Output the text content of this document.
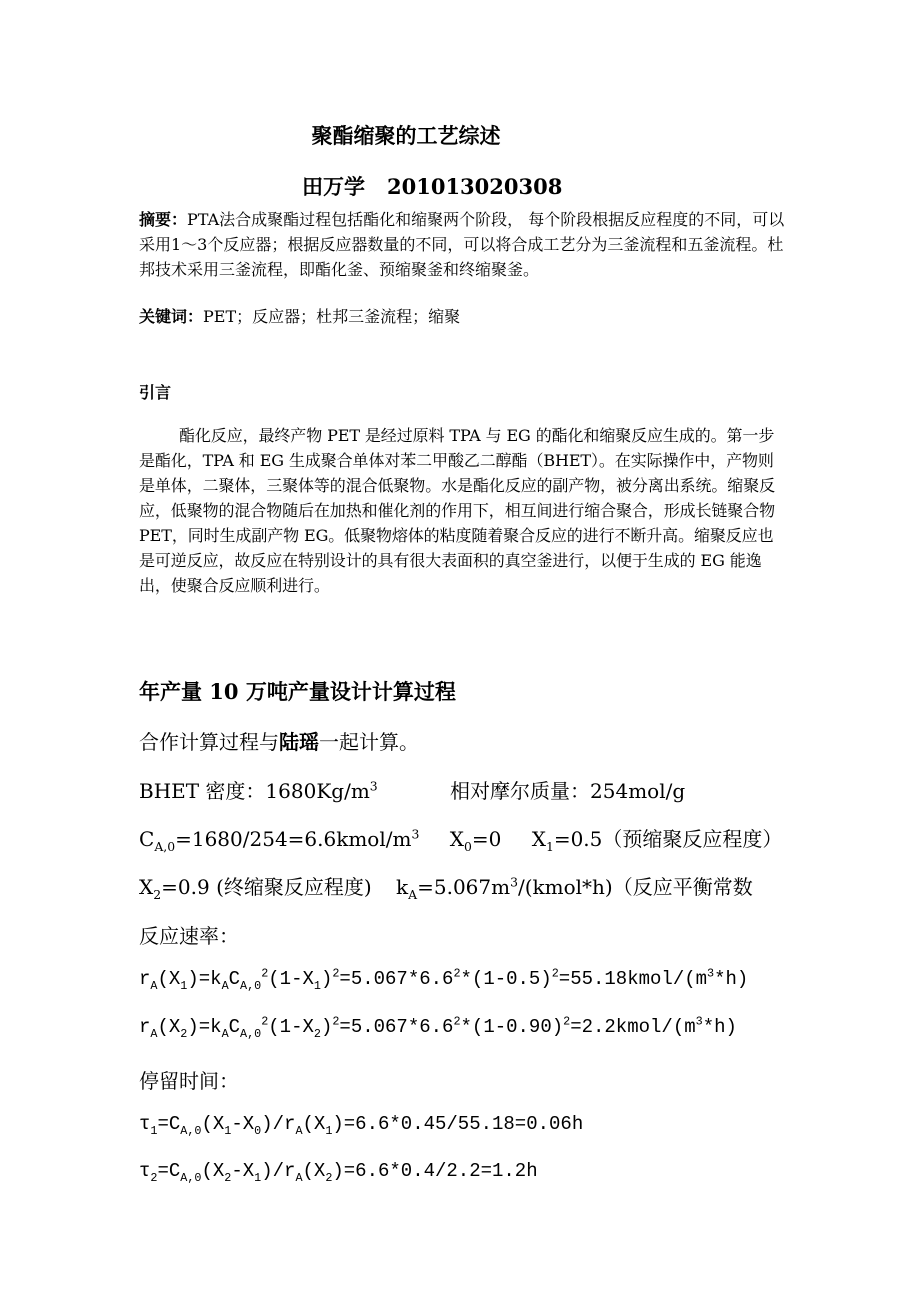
聚酯缩聚的工艺综述
田万学 201013020308
摘要：PTA法合成聚酯过程包括酯化和缩聚两个阶段， 每个阶段根据反应程度的不同，可以采用1～3个反应器；根据反应器数量的不同，可以将合成工艺分为三釜流程和五釜流程。杜邦技术采用三釜流程，即酯化釜、预缩聚釜和终缩聚釜。
关键词：PET；反应器；杜邦三釜流程；缩聚
引言
酯化反应，最终产物 PET 是经过原料 TPA 与 EG 的酯化和缩聚反应生成的。第一步是酯化，TPA 和 EG 生成聚合单体对苯二甲酸乙二醇酯（BHET）。在实际操作中，产物则是单体，二聚体，三聚体等的混合低聚物。水是酯化反应的副产物，被分离出系统。缩聚反应，低聚物的混合物随后在加热和催化剂的作用下，相互间进行缩合聚合，形成长链聚合物 PET，同时生成副产物 EG。低聚物熔体的粘度随着聚合反应的进行不断升高。缩聚反应也是可逆反应，故反应在特别设计的具有很大表面积的真空釜进行，以便于生成的 EG 能逸出，使聚合反应顺利进行。
年产量 10 万吨产量设计计算过程
合作计算过程与陆瑶一起计算。
BHET 密度：$1680Kg/m^3$	相对摩尔质量：254mol/g
$C_{A,0}=1680/254=6.6kmol/m^3$ $X_0=0$ $X_1=0.5$（预缩聚反应程度）
$X_2=0.9$ (终缩聚反应程度) $k_A=5.067m^3/(kmol*h)$（反应平衡常数
反应速率：
$r_A(X_1)=k_AC_{A,0}^2(1-X_1)^2=5.067*6.6^2*(1-0.5)^2=55.18kmol/(m^3*h)$
$r_A(X_2)=k_AC_{A,0}^2(1-X_2)^2=5.067*6.6^2*(1-0.90)^2=2.2kmol/(m^3*h)$
停留时间：
$\tau_1=C_{A,0}(X_1-X_0)/r_A(X_1)=6.6*0.45/55.18=0.06h$
$\tau_2=C_{A,0}(X_2-X_1)/r_A(X_2)=6.6*0.4/2.2=1.2h$
